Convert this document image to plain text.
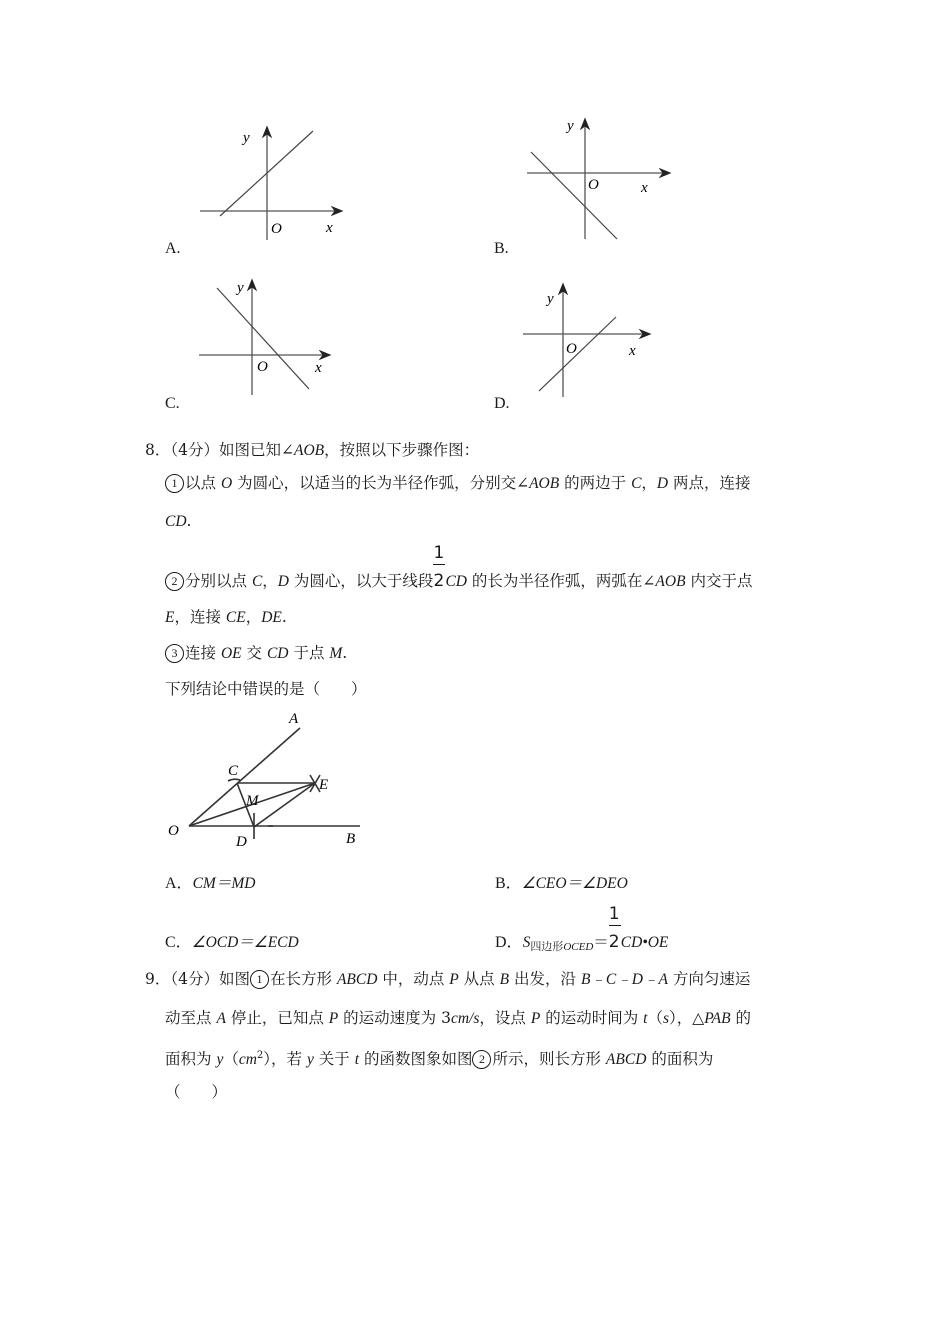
y
O	x
A.
y
O	x
B.
y
O	x
C.
y
O	x
D.
8．（4分）如图已知∠AOB，按照以下步骤作图：
1 以点 O 为圆心，以适当的长为半径作弧，分别交∠AOB 的两边于 C，D 两点，连接
CD.
2 分别以点 C，D 为圆心，以大于线段 $\frac{1}{2}CD$ 的长为半径作弧，两弧在∠AOB 内交于点
E，连接 CE，DE.
3 连接 OE 交 CD 于点 M.
下列结论中错误的是（　　）
A
C
E
M
O
D	B
A．CM＝MD	B．∠CEO＝∠DEO
C．∠OCD＝∠ECD	D．$S_{四边形OCED}=$ $\frac{1}{2}CD•OE$
9．（4分）如图 1 在长方形 ABCD 中，动点 P 从点 B 出发，沿 B﹣C﹣D﹣A 方向匀速运
动至点 A 停止，已知点 P 的运动速度为 3cm/s，设点 P 的运动时间为 t（s），△PAB 的
面积为 $y(cm^2)$，若 y 关于 t 的函数图象如图 2 所示，则长方形 ABCD 的面积为
（　　）
